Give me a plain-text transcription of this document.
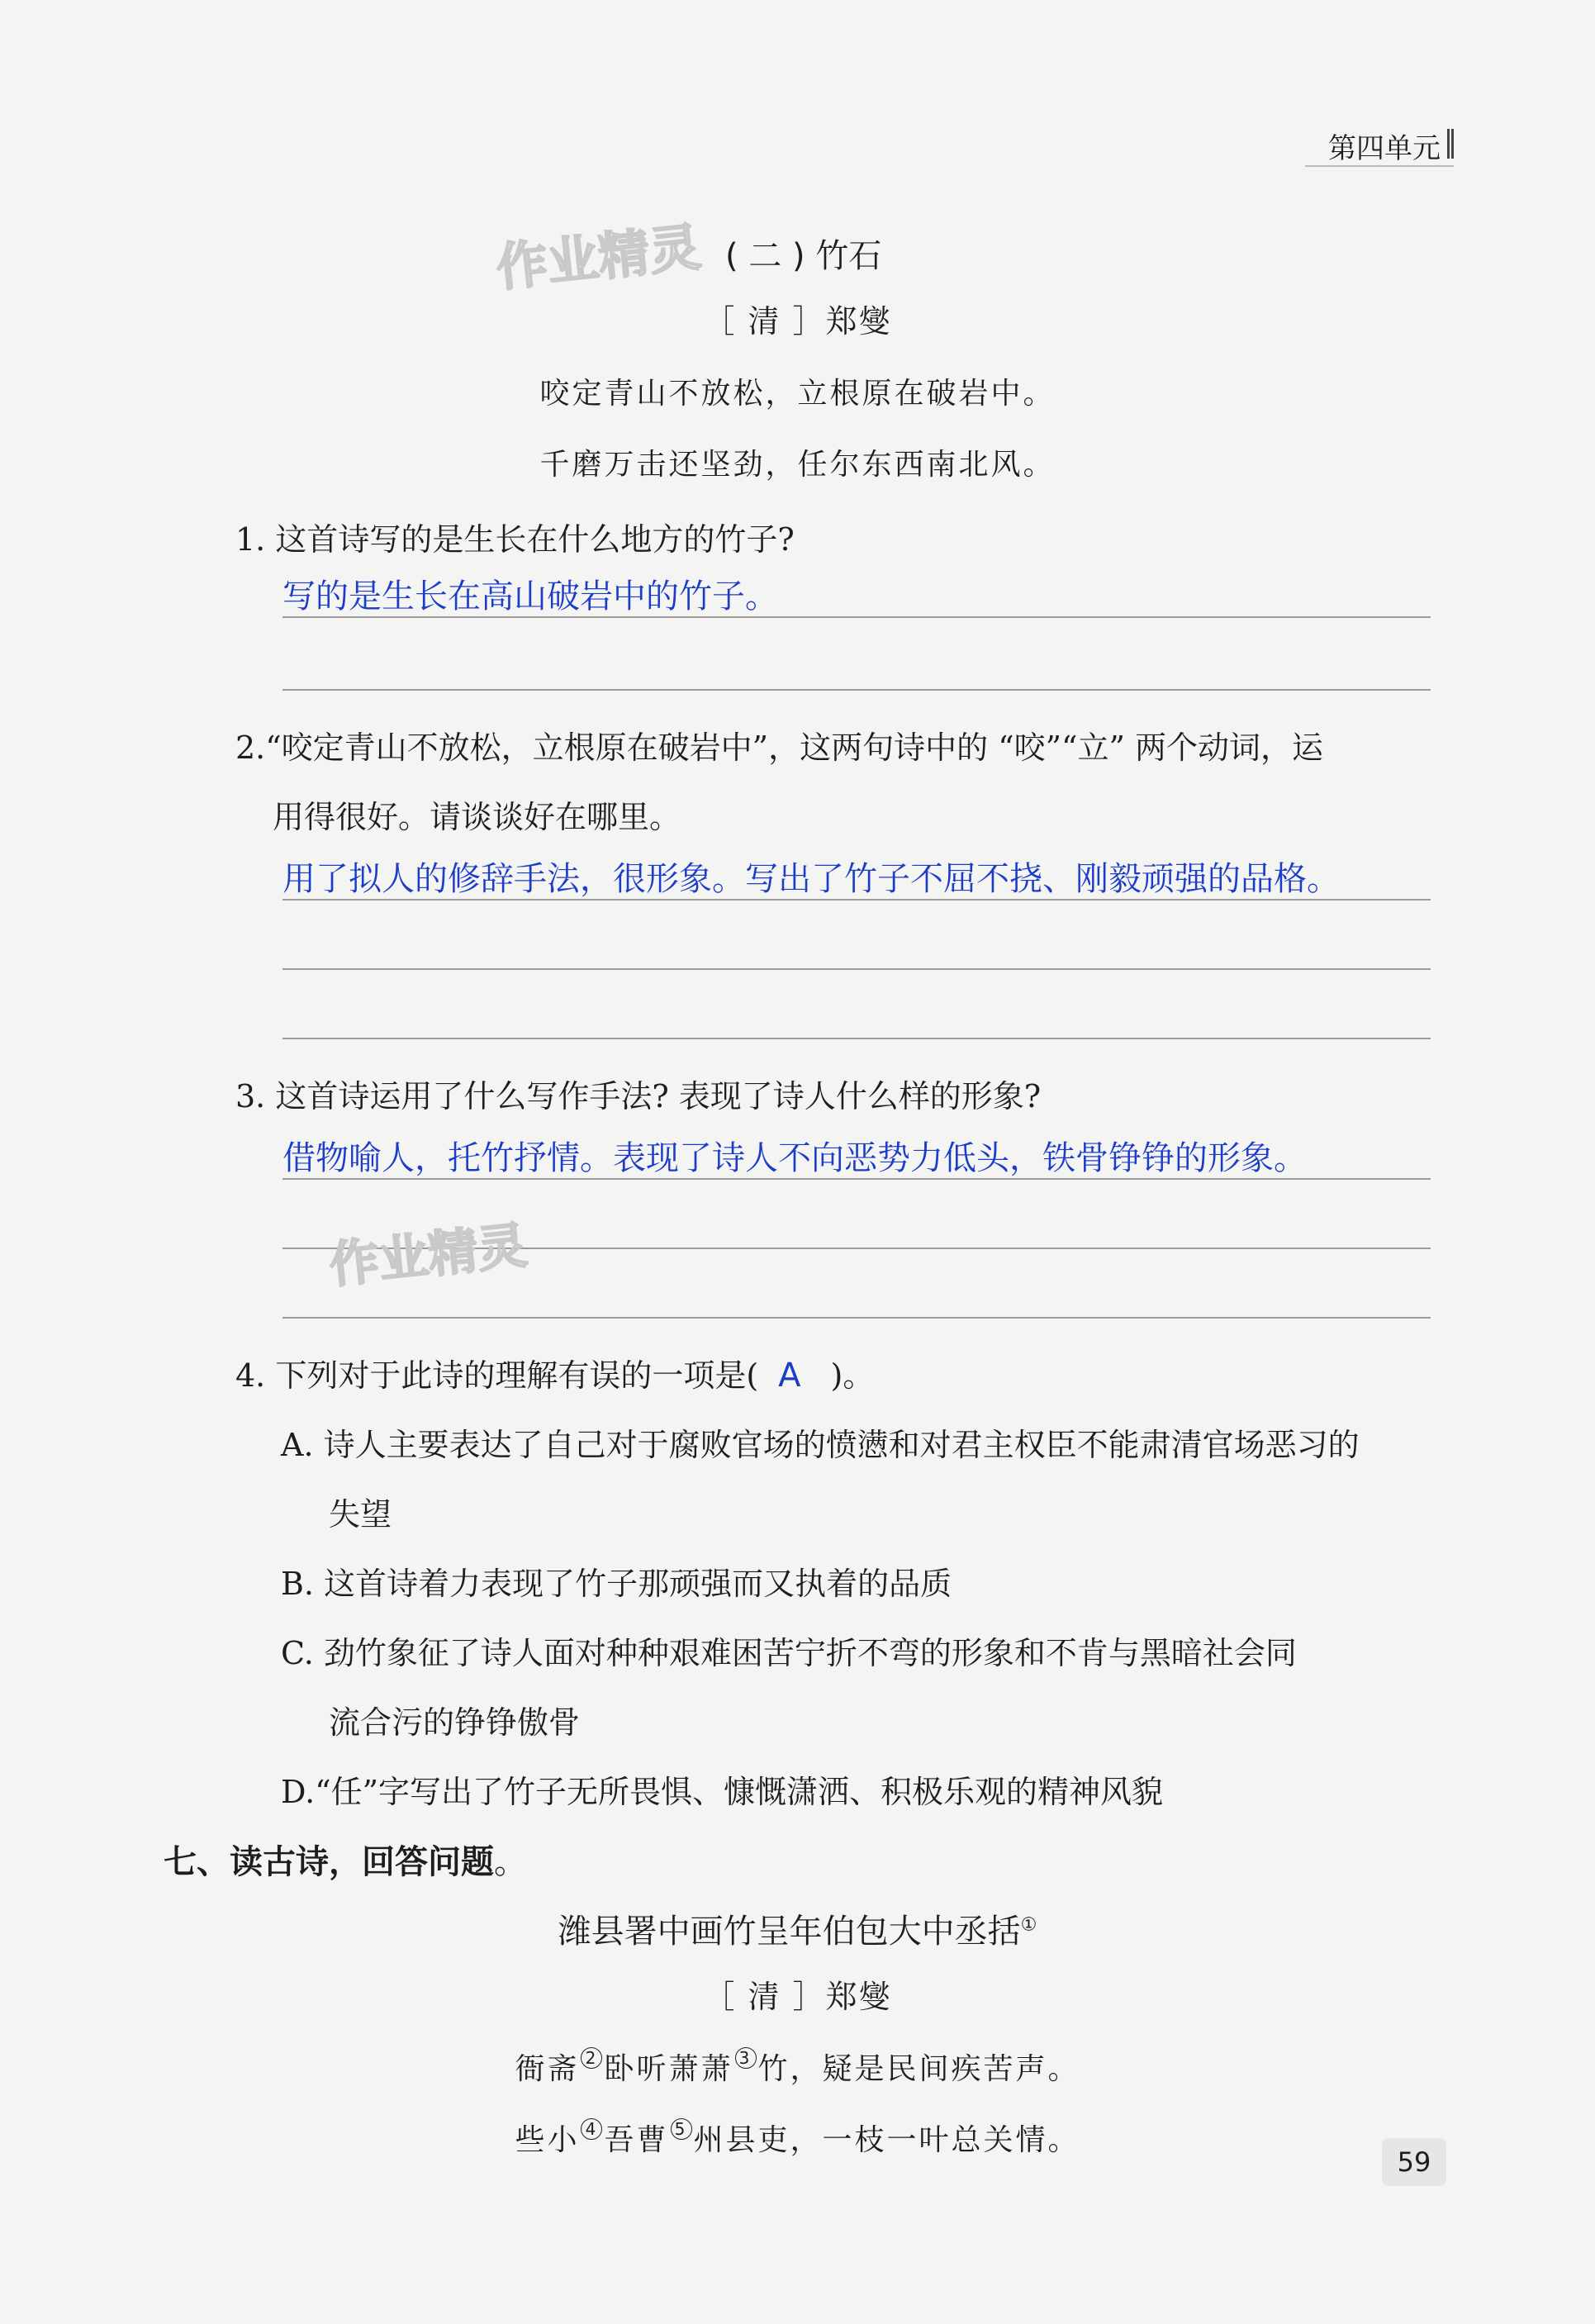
第四单元
作业精灵 ( 二 ) 竹石
［ 清 ］郑燮
咬定青山不放松，立根原在破岩中。
千磨万击还坚劲，任尔东西南北风。
1. 这首诗写的是生长在什么地方的竹子?
写的是生长在高山破岩中的竹子。
2.“咬定青山不放松，立根原在破岩中”，这两句诗中的 “咬”“立” 两个动词，运
用得很好。请谈谈好在哪里。
用了拟人的修辞手法，很形象。写出了竹子不屈不挠、刚毅顽强的品格。
3. 这首诗运用了什么写作手法? 表现了诗人什么样的形象?
借物喻人，托竹抒情。表现了诗人不向恶势力低头，铁骨铮铮的形象。
作业精灵
4. 下列对于此诗的理解有误的一项是( A )。
A. 诗人主要表达了自己对于腐败官场的愤懑和对君主权臣不能肃清官场恶习的
失望
B. 这首诗着力表现了竹子那顽强而又执着的品质
C. 劲竹象征了诗人面对种种艰难困苦宁折不弯的形象和不肯与黑暗社会同
流合污的铮铮傲骨
D.“任”字写出了竹子无所畏惧、慷慨潇洒、积极乐观的精神风貌
七、读古诗，回答问题。
潍县署中画竹呈年伯包大中丞括①
［ 清 ］郑燮
衙斋 2 卧听萧萧 3 竹，疑是民间疾苦声。
些小 4 吾曹 5 州县吏，一枝一叶总关情。
59
